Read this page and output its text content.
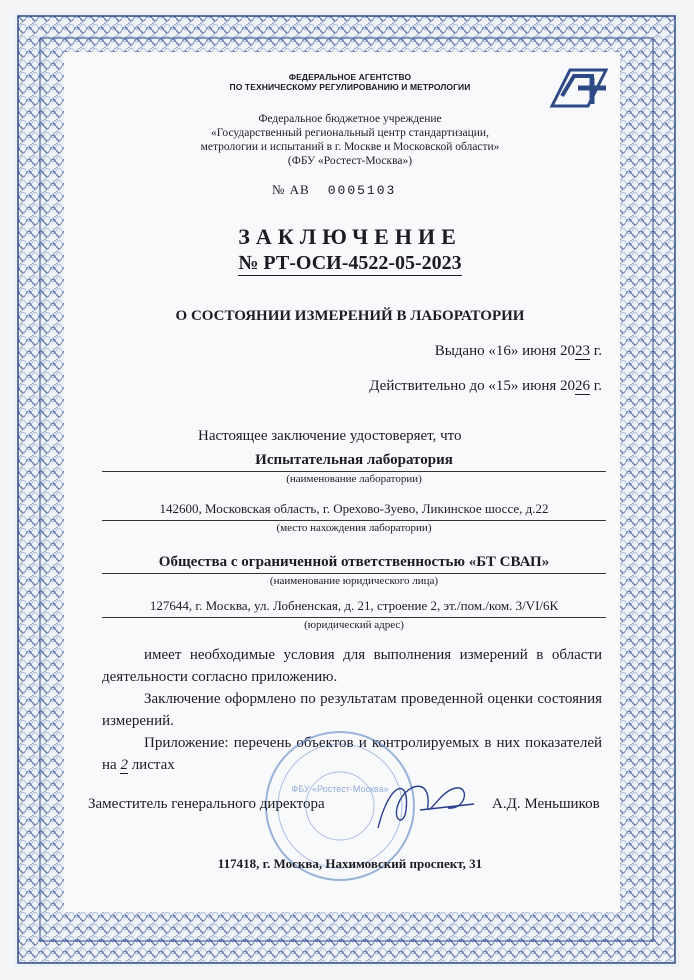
ФЕДЕРАЛЬНОЕ АГЕНТСТВО
ПО ТЕХНИЧЕСКОМУ РЕГУЛИРОВАНИЮ И МЕТРОЛОГИИ
Федеральное бюджетное учреждение
«Государственный региональный центр стандартизации,
метрологии и испытаний в г. Москве и Московской области»
(ФБУ «Ростест-Москва»)
№ АВ 0005103
ЗАКЛЮЧЕНИЕ
№ РТ-ОСИ-4522-05-2023
О СОСТОЯНИИ ИЗМЕРЕНИЙ В ЛАБОРАТОРИИ
Выдано «16» июня 2023 г.
Действительно до «15» июня 2026 г.
Настоящее заключение удостоверяет, что
Испытательная лаборатория
(наименование лаборатории)
142600, Московская область, г. Орехово-Зуево, Ликинское шоссе, д.22
(место нахождения лаборатории)
Общества с ограниченной ответственностью «БТ СВАП»
(наименование юридического лица)
127644, г. Москва, ул. Лобненская, д. 21, строение 2, эт./пом./ком. 3/VI/6К
(юридический адрес)
имеет необходимые условия для выполнения измерений в области деятельности согласно приложению.
Заключение оформлено по результатам проведенной оценки состояния измерений.
Приложение: перечень объектов и контролируемых в них показателей на 2 листах
ФБУ «Ростест-Москва»
Заместитель генерального директора	А.Д. Меньшиков
117418, г. Москва, Нахимовский проспект, 31
